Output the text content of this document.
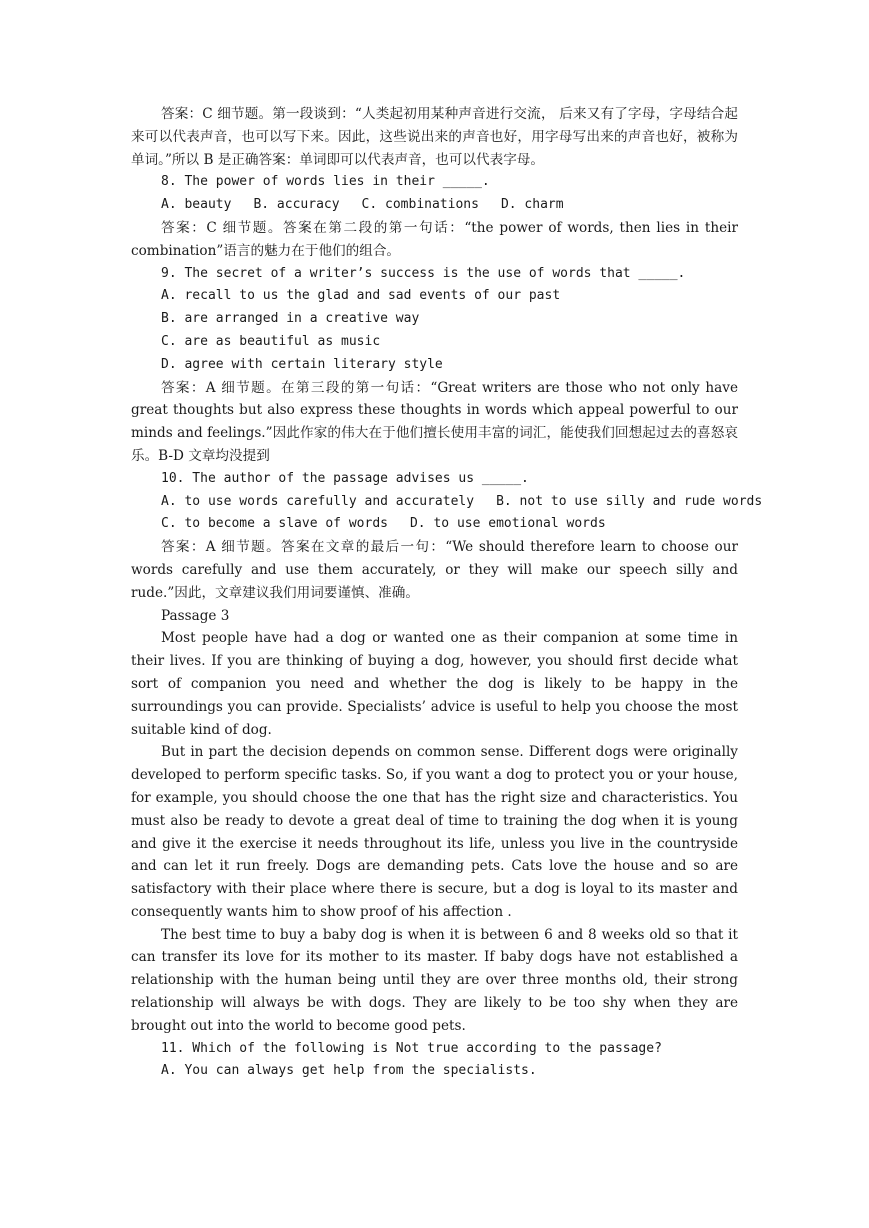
答案：C 细节题。第一段谈到：“人类起初用某种声音进行交流， 后来又有了字母，字母结合起来可以代表声音，也可以写下来。因此，这些说出来的声音也好，用字母写出来的声音也好，被称为单词。”所以 B 是正确答案：单词即可以代表声音，也可以代表字母。

8. The power of words lies in their _____.

A. beauty B. accuracy C. combinations D. charm

答案：C 细节题。答案在第二段的第一句话：“the power of words, then lies in their combination”语言的魅力在于他们的组合。

9. The secret of a writer’s success is the use of words that _____.

A. recall to us the glad and sad events of our past

B. are arranged in a creative way

C. are as beautiful as music

D. agree with certain literary style

答案：A 细节题。在第三段的第一句话：“Great writers are those who not only have great thoughts but also express these thoughts in words which appeal powerful to our minds and feelings.”因此作家的伟大在于他们擅长使用丰富的词汇，能使我们回想起过去的喜怒哀乐。B-D 文章均没提到

10. The author of the passage advises us _____.

A. to use words carefully and accurately B. not to use silly and rude words

C. to become a slave of words D. to use emotional words

答案：A 细节题。答案在文章的最后一句：“We should therefore learn to choose our words carefully and use them accurately, or they will make our speech silly and rude.”因此，文章建议我们用词要谨慎、准确。

Passage 3

Most people have had a dog or wanted one as their companion at some time in their lives. If you are thinking of buying a dog, however, you should first decide what sort of companion you need and whether the dog is likely to be happy in the surroundings you can provide. Specialists’ advice is useful to help you choose the most suitable kind of dog.

But in part the decision depends on common sense. Different dogs were originally developed to perform specific tasks. So, if you want a dog to protect you or your house, for example, you should choose the one that has the right size and characteristics. You must also be ready to devote a great deal of time to training the dog when it is young and give it the exercise it needs throughout its life, unless you live in the countryside and can let it run freely. Dogs are demanding pets. Cats love the house and so are satisfactory with their place where there is secure, but a dog is loyal to its master and consequently wants him to show proof of his affection .

The best time to buy a baby dog is when it is between 6 and 8 weeks old so that it can transfer its love for its mother to its master. If baby dogs have not established a relationship with the human being until they are over three months old, their strong relationship will always be with dogs. They are likely to be too shy when they are brought out into the world to become good pets.

11. Which of the following is Not true according to the passage?

A. You can always get help from the specialists.
